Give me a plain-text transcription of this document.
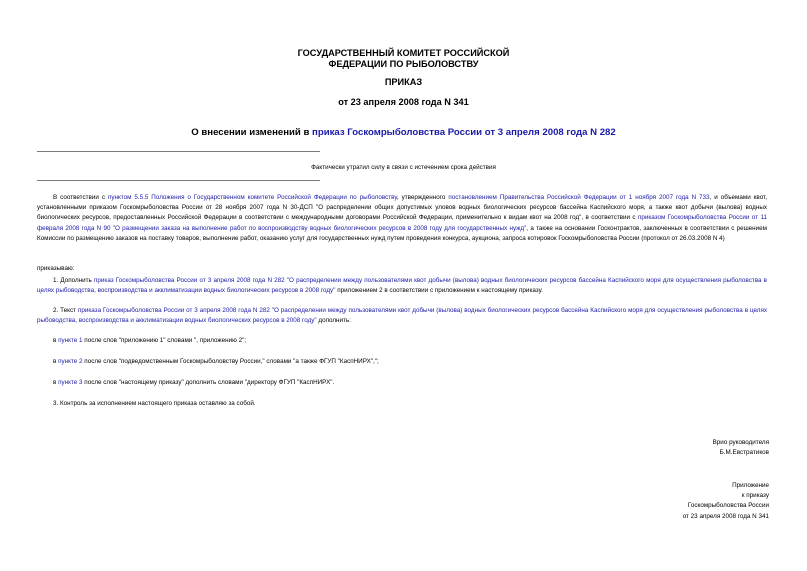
ГОСУДАРСТВЕННЫЙ КОМИТЕТ РОССИЙСКОЙ
ФЕДЕРАЦИИ ПО РЫБОЛОВСТВУ
ПРИКАЗ
от 23 апреля 2008 года N 341
О внесении изменений в приказ Госкомрыболовства России от 3 апреля 2008 года N 282
Фактически утратил силу в связи с истечением срока действия
В соответствии с пунктом 5.5.5 Положения о Государственном комитете Российской Федерации по рыболовству, утвержденного постановлением Правительства Российской Федерации от 1 ноября 2007 года N 733, и объемами квот, установленными приказом Госкомрыболовства России от 28 ноября 2007 года N 30-ДСП "О распределении общих допустимых уловов водных биологических ресурсов бассейна Каспийского моря, а также квот добычи (вылова) водных биологических ресурсов, предоставленных Российской Федерации в соответствии с международными договорами Российской Федерации, применительно к видам квот на 2008 год", в соответствии с приказом Госкомрыболовства России от 11 февраля 2008 года N 90 "О размещении заказа на выполнение работ по воспроизводству водных биологических ресурсов в 2008 году для государственных нужд", а также на основании Госконтрактов, заключенных в соответствии с решением Комиссии по размещению заказов на поставку товаров, выполнение работ, оказанию услуг для государственных нужд путем проведения конкурса, аукциона, запроса котировок Госкомрыболовства России (протокол от 26.03.2008 N 4)
приказываю:
1. Дополнить приказ Госкомрыболовства России от 3 апреля 2008 года N 282 "О распределении между пользователями квот добычи (вылова) водных биологических ресурсов бассейна Каспийского моря для осуществления рыболовства в целях рыбоводства, воспроизводства и акклиматизации водных биологических ресурсов в 2008 году" приложением 2 в соответствии с приложением к настоящему приказу.
2. Текст приказа Госкомрыболовства России от 3 апреля 2008 года N 282 "О распределении между пользователями квот добычи (вылова) водных биологических ресурсов бассейна Каспийского моря для осуществления рыболовства в целях рыбоводства, воспроизводства и акклиматизации водных биологических ресурсов в 2008 году" дополнить:
в пункте 1 после слов "приложению 1" словами ", приложению 2";
в пункте 2 после слов "подведомственным Госкомрыболовству России," словами "а также ФГУП "КаспНИРХ",";
в пункте 3 после слов "настоящему приказу" дополнить словами "директору ФГУП "КаспНИРХ".
3. Контроль за исполнением настоящего приказа оставляю за собой.
Врио руководителя
Б.М.Евстратиков
Приложение
к приказу
Госкомрыболовства России
от 23 апреля 2008 года N 341
